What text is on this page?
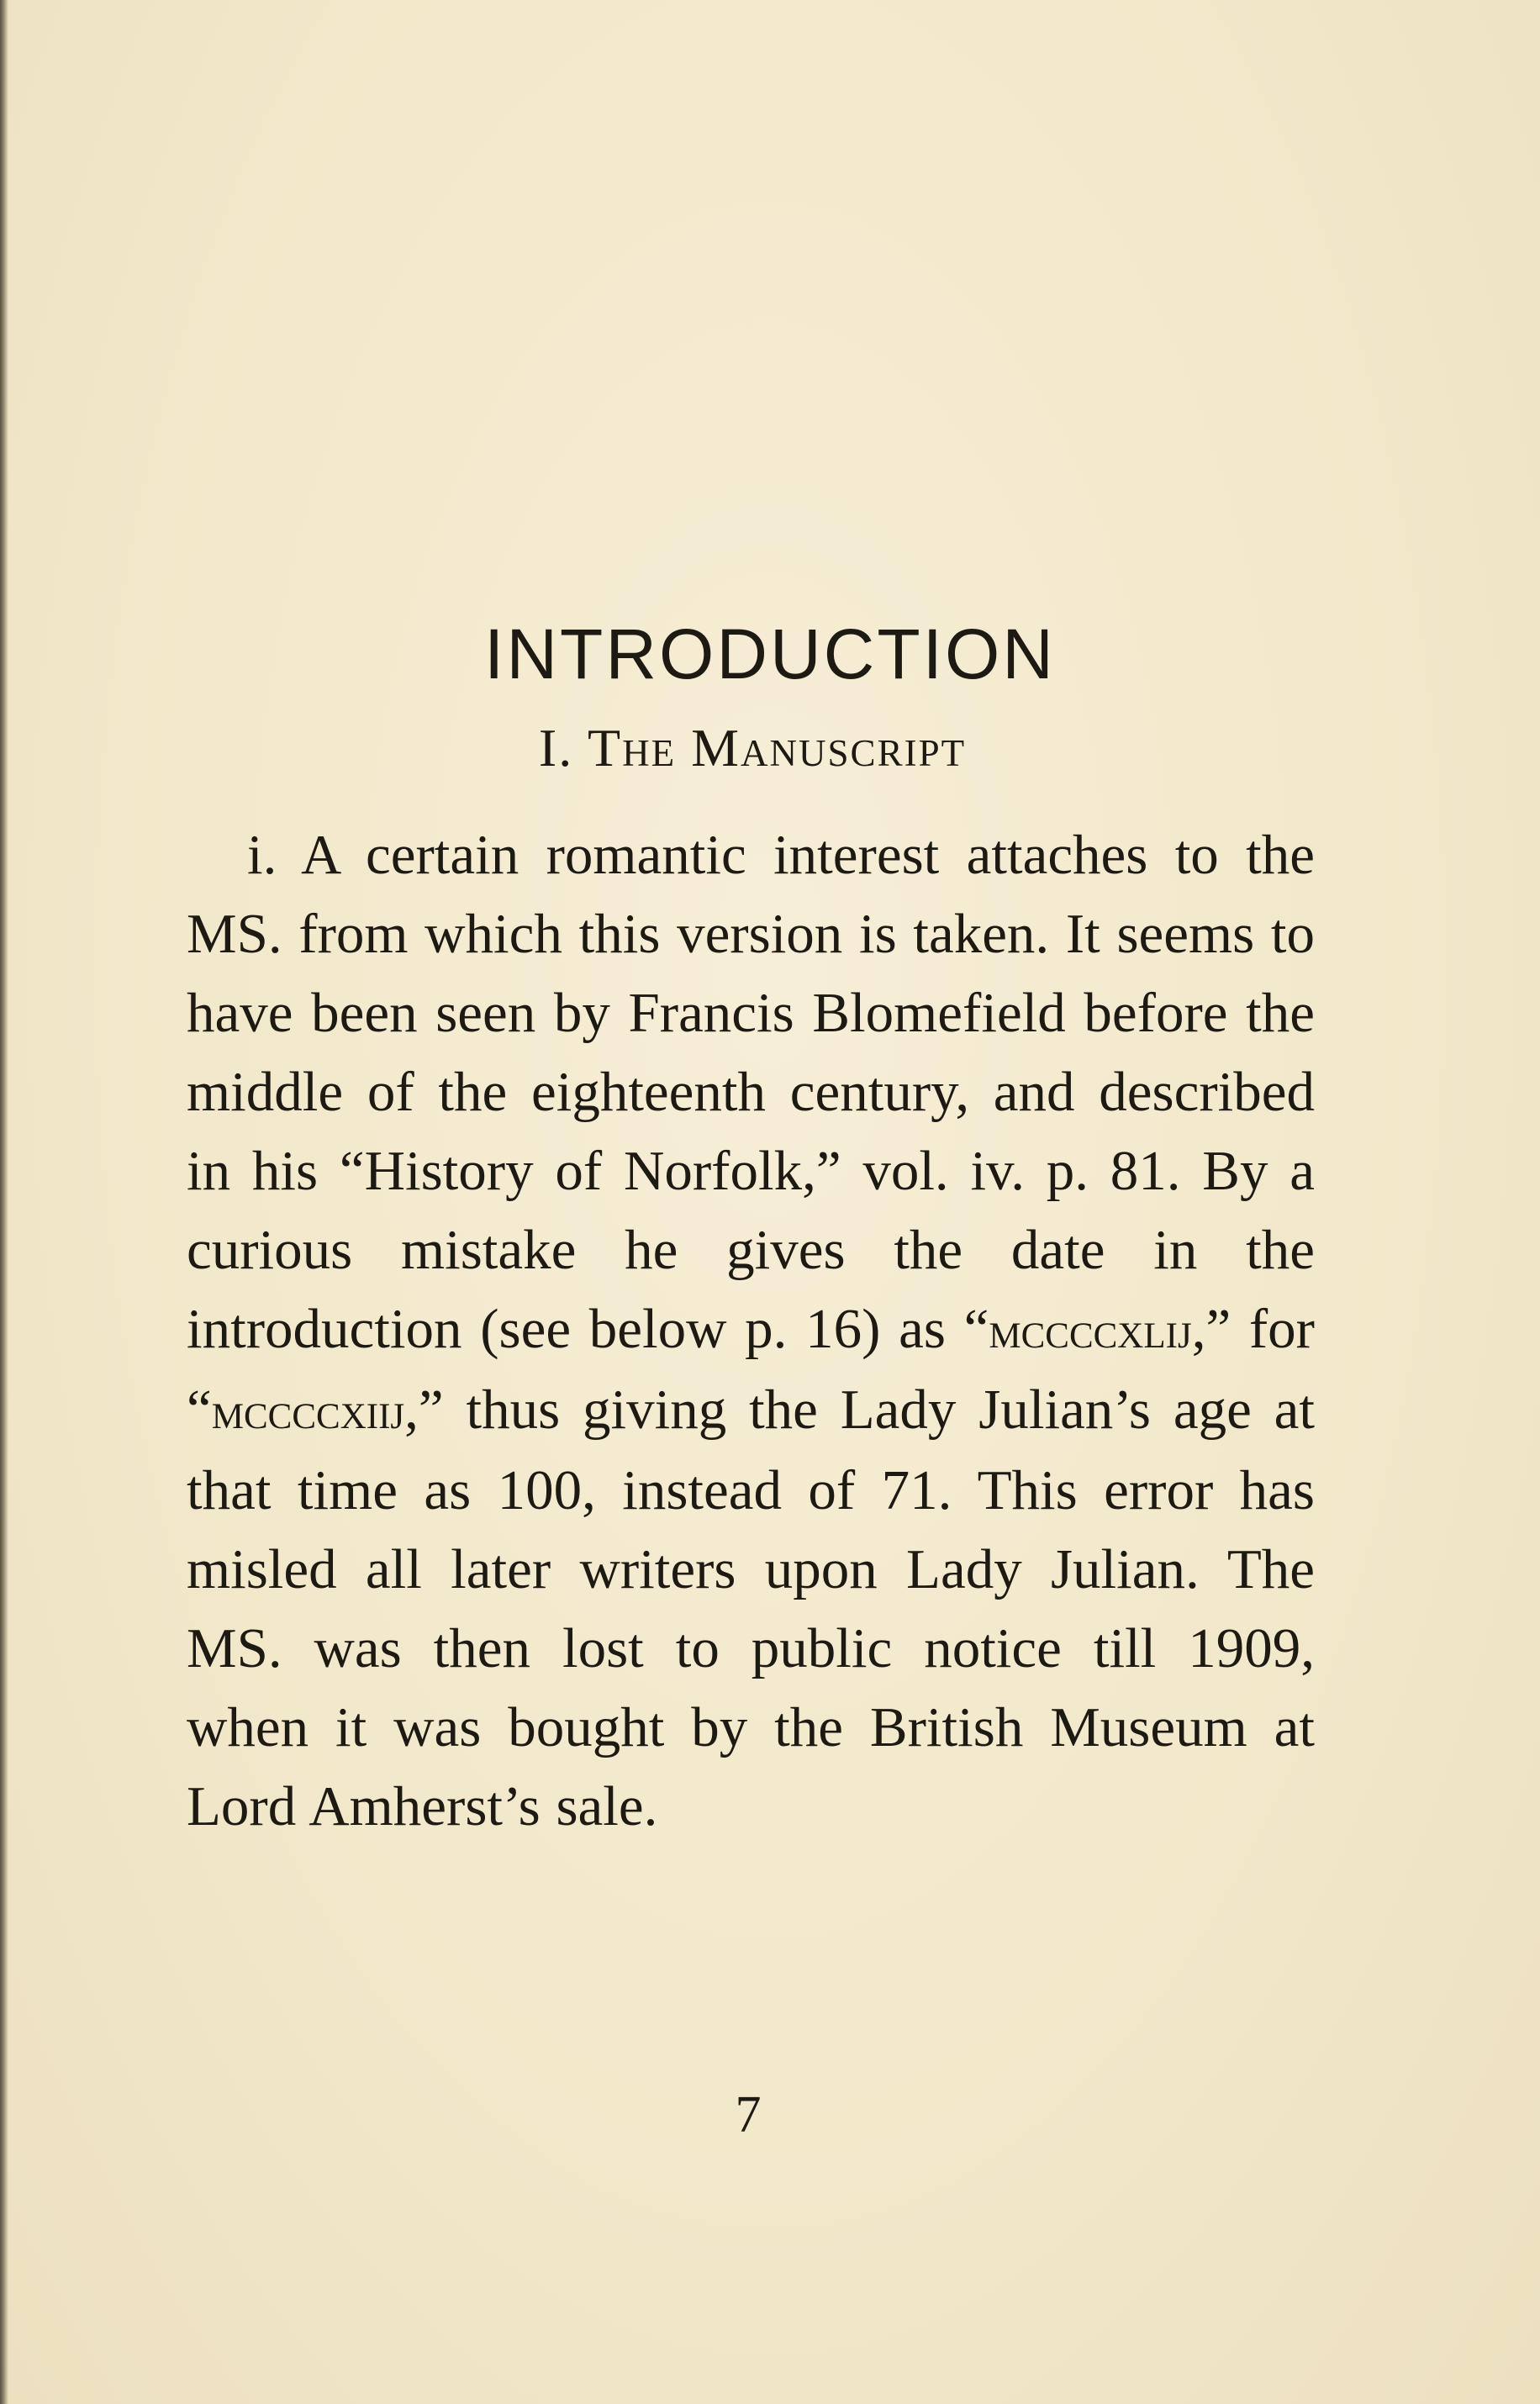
INTRODUCTION
I. The Manuscript

i. A certain romantic interest attaches to the MS. from which this version is taken. It seems to have been seen by Francis Blomefield before the middle of the eighteenth century, and described in his “History of Norfolk,” vol. iv. p. 81. By a curious mistake he gives the date in the introduction (see below p. 16) as “mccccxlij,” for “mccccxiij,” thus giving the Lady Julian’s age at that time as 100, instead of 71. This error has misled all later writers upon Lady Julian. The MS. was then lost to public notice till 1909, when it was bought by the British Museum at Lord Amherst’s sale.

7
